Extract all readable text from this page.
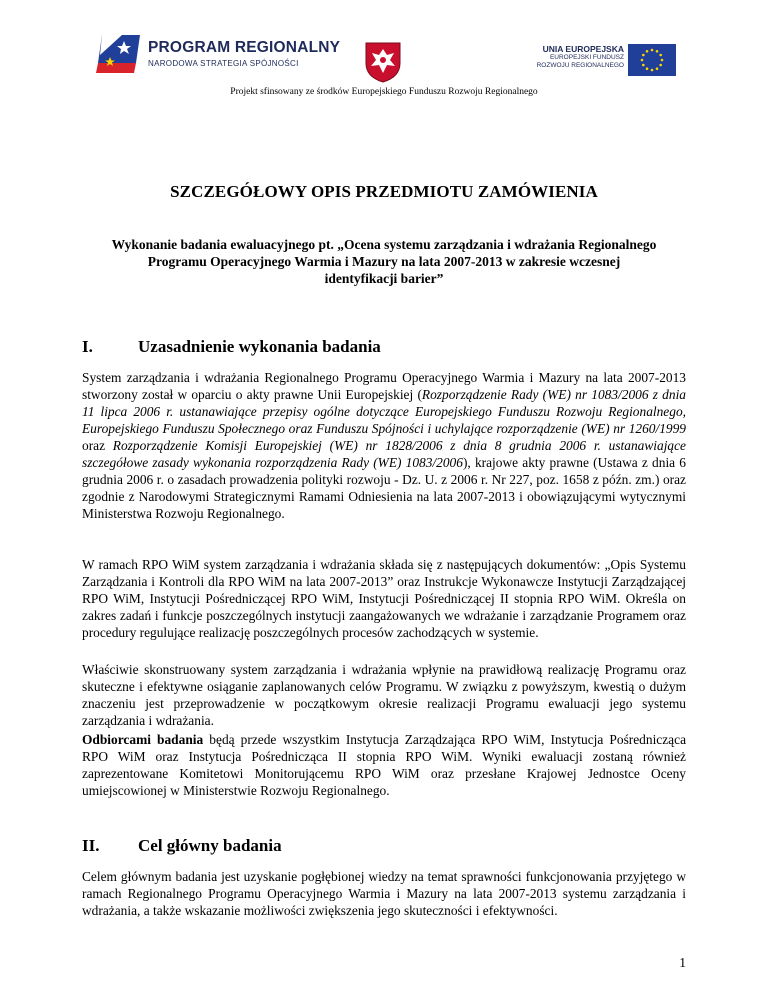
PROGRAM REGIONALNY
NARODOWA STRATEGIA SPÓJNOŚCI
UNIA EUROPEJSKA
EUROPEJSKI FUNDUSZ
ROZWOJU REGIONALNEGO
Projekt sfinsowany ze środków Europejskiego Funduszu Rozwoju Regionalnego
SZCZEGÓŁOWY OPIS PRZEDMIOTU ZAMÓWIENIA
Wykonanie badania ewaluacyjnego pt. „Ocena systemu zarządzania i wdrażania Regionalnego Programu Operacyjnego Warmia i Mazury na lata 2007-2013 w zakresie wczesnej identyfikacji barier”
I.	Uzasadnienie wykonania badania
System zarządzania i wdrażania Regionalnego Programu Operacyjnego Warmia i Mazury na lata 2007-2013 stworzony został w oparciu o akty prawne Unii Europejskiej (Rozporządzenie Rady (WE) nr 1083/2006 z dnia 11 lipca 2006 r. ustanawiające przepisy ogólne dotyczące Europejskiego Funduszu Rozwoju Regionalnego, Europejskiego Funduszu Społecznego oraz Funduszu Spójności i uchylające rozporządzenie (WE) nr 1260/1999 oraz Rozporządzenie Komisji Europejskiej (WE) nr 1828/2006 z dnia 8 grudnia 2006 r. ustanawiające szczegółowe zasady wykonania rozporządzenia Rady (WE) 1083/2006), krajowe akty prawne (Ustawa z dnia 6 grudnia 2006 r. o zasadach prowadzenia polityki rozwoju - Dz. U. z 2006 r. Nr 227, poz. 1658 z późn. zm.) oraz zgodnie z Narodowymi Strategicznymi Ramami Odniesienia na lata 2007-2013 i obowiązującymi wytycznymi Ministerstwa Rozwoju Regionalnego.
W ramach RPO WiM system zarządzania i wdrażania składa się z następujących dokumentów: „Opis Systemu Zarządzania i Kontroli dla RPO WiM na lata 2007-2013” oraz Instrukcje Wykonawcze Instytucji Zarządzającej RPO WiM, Instytucji Pośredniczącej RPO WiM, Instytucji Pośredniczącej II stopnia RPO WiM. Określa on zakres zadań i funkcje poszczególnych instytucji zaangażowanych we wdrażanie i zarządzanie Programem oraz procedury regulujące realizację poszczególnych procesów zachodzących w systemie.
Właściwie skonstruowany system zarządzania i wdrażania wpłynie na prawidłową realizację Programu oraz skuteczne i efektywne osiąganie zaplanowanych celów Programu. W związku z powyższym, kwestią o dużym znaczeniu jest przeprowadzenie w początkowym okresie realizacji Programu ewaluacji jego systemu zarządzania i wdrażania.
Odbiorcami badania będą przede wszystkim Instytucja Zarządzająca RPO WiM, Instytucja Pośrednicząca RPO WiM oraz Instytucja Pośrednicząca II stopnia RPO WiM. Wyniki ewaluacji zostaną również zaprezentowane Komitetowi Monitorującemu RPO WiM oraz przesłane Krajowej Jednostce Oceny umiejscowionej w Ministerstwie Rozwoju Regionalnego.
II. Cel główny badania
Celem głównym badania jest uzyskanie pogłębionej wiedzy na temat sprawności funkcjonowania przyjętego w ramach Regionalnego Programu Operacyjnego Warmia i Mazury na lata 2007-2013 systemu zarządzania i wdrażania, a także wskazanie możliwości zwiększenia jego skuteczności i efektywności.
1
